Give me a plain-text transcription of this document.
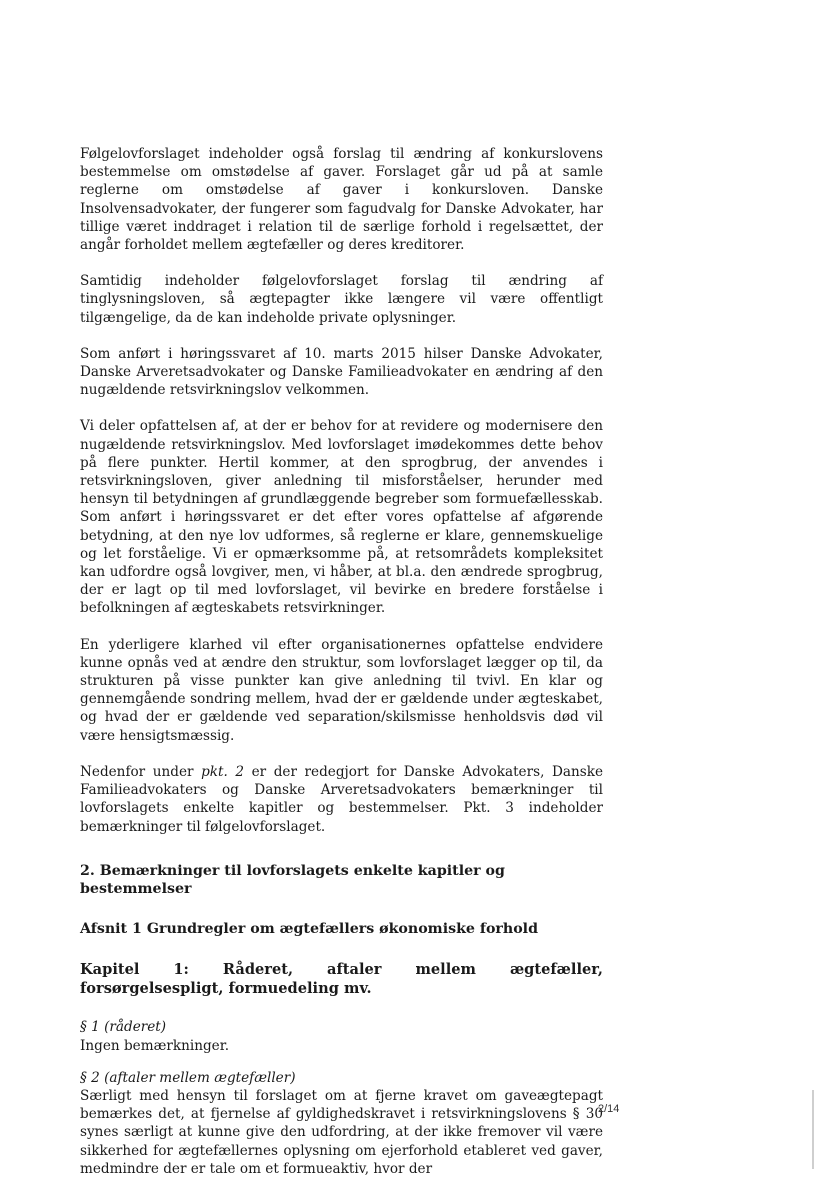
Følgelovforslaget indeholder også forslag til ændring af konkurslovens bestemmelse om omstødelse af gaver. Forslaget går ud på at samle reglerne om omstødelse af gaver i konkursloven. Danske Insolvensadvokater, der fungerer som fagudvalg for Danske Advokater, har tillige været inddraget i relation til de særlige forhold i regelsættet, der angår forholdet mellem ægtefæller og deres kreditorer.

Samtidig indeholder følgelovforslaget forslag til ændring af tinglysningsloven, så ægtepagter ikke længere vil være offentligt tilgængelige, da de kan indeholde private oplysninger.

Som anført i høringssvaret af 10. marts 2015 hilser Danske Advokater, Danske Arveretsadvokater og Danske Familieadvokater en ændring af den nugældende retsvirkningslov velkommen.

Vi deler opfattelsen af, at der er behov for at revidere og modernisere den nugældende retsvirkningslov. Med lovforslaget imødekommes dette behov på flere punkter. Hertil kommer, at den sprogbrug, der anvendes i retsvirkningsloven, giver anledning til misforståelser, herunder med hensyn til betydningen af grundlæggende begreber som formuefællesskab. Som anført i høringssvaret er det efter vores opfattelse af afgørende betydning, at den nye lov udformes, så reglerne er klare, gennemskuelige og let forståelige. Vi er opmærksomme på, at retsområdets kompleksitet kan udfordre også lovgiver, men, vi håber, at bl.a. den ændrede sprogbrug, der er lagt op til med lovforslaget, vil bevirke en bredere forståelse i befolkningen af ægteskabets retsvirkninger.

En yderligere klarhed vil efter organisationernes opfattelse endvidere kunne opnås ved at ændre den struktur, som lovforslaget lægger op til, da strukturen på visse punkter kan give anledning til tvivl. En klar og gennemgående sondring mellem, hvad der er gældende under ægteskabet, og hvad der er gældende ved separation/skilsmisse henholdsvis død vil være hensigtsmæssig.

Nedenfor under pkt. 2 er der redegjort for Danske Advokaters, Danske Familieadvokaters og Danske Arveretsadvokaters bemærkninger til lovforslagets enkelte kapitler og bestemmelser. Pkt. 3 indeholder bemærkninger til følgelovforslaget.

2. Bemærkninger til lovforslagets enkelte kapitler og bestemmelser
Afsnit 1 Grundregler om ægtefællers økonomiske forhold
Kapitel 1: Råderet, aftaler mellem ægtefæller, forsørgelsespligt, formuedeling mv.

§ 1 (råderet)

Ingen bemærkninger.

§ 2 (aftaler mellem ægtefæller)

Særligt med hensyn til forslaget om at fjerne kravet om gaveægtepagt bemærkes det, at fjernelse af gyldighedskravet i retsvirkningslovens § 30 synes særligt at kunne give den udfordring, at der ikke fremover vil være sikkerhed for ægtefællernes oplysning om ejerforhold etableret ved gaver, medmindre der er tale om et formueaktiv, hvor der

2/14
